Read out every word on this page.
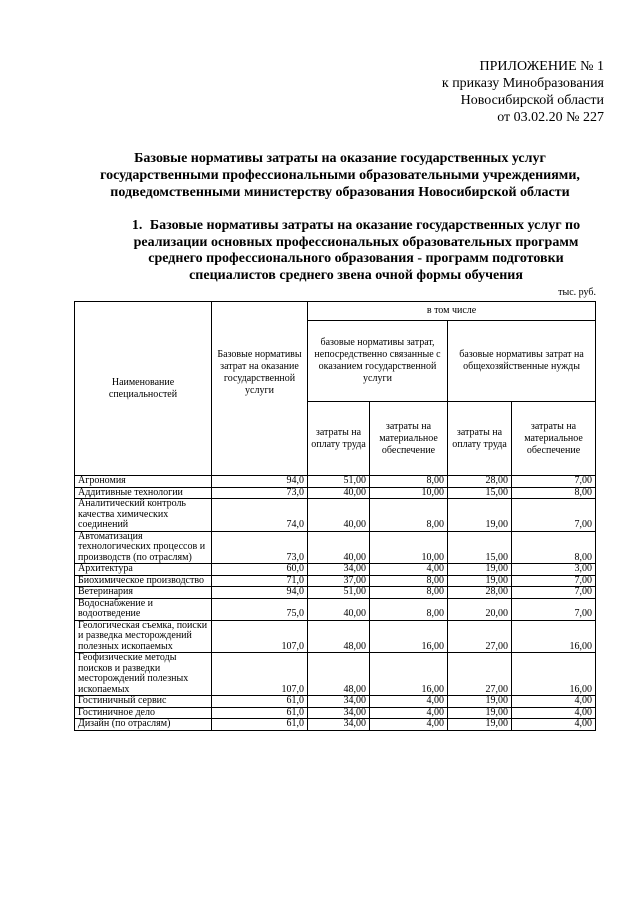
ПРИЛОЖЕНИЕ № 1
к приказу Минобразования
Новосибирской области
от 03.02.20 № 227
Базовые нормативы затраты на оказание государственных услуг
государственными профессиональными образовательными учреждениями,
подведомственными министерству образования Новосибирской области
1. Базовые нормативы затраты на оказание государственных услуг по
реализации основных профессиональных образовательных программ
среднего профессионального образования - программ подготовки
специалистов среднего звена очной формы обучения
тыс. руб.
Наименование специальностей	Базовые нормативы затрат на оказание государственной услуги	в том числе			
		базовые нормативы затрат, непосредственно связанные с оказанием государственной услуги		базовые нормативы затрат на общехозяйственные нужды	
		затраты на оплату труда	затраты на материальное обеспечение	затраты на оплату труда	затраты на материальное обеспечение
Агрономия	94,0	51,00	8,00	28,00	7,00
Аддитивные технологии	73,0	40,00	10,00	15,00	8,00
Аналитический контроль качества химических соединений	74,0	40,00	8,00	19,00	7,00
Автоматизация технологических процессов и производств (по отраслям)	73,0	40,00	10,00	15,00	8,00
Архитектура	60,0	34,00	4,00	19,00	3,00
Биохимическое производство	71,0	37,00	8,00	19,00	7,00
Ветеринария	94,0	51,00	8,00	28,00	7,00
Водоснабжение и водоотведение	75,0	40,00	8,00	20,00	7,00
Геологическая съемка, поиски и разведка месторождений полезных ископаемых	107,0	48,00	16,00	27,00	16,00
Геофизические методы поисков и разведки месторождений полезных ископаемых	107,0	48,00	16,00	27,00	16,00
Гостиничный сервис	61,0	34,00	4,00	19,00	4,00
Гостиничное дело	61,0	34,00	4,00	19,00	4,00
Дизайн (по отраслям)	61,0	34,00	4,00	19,00	4,00
